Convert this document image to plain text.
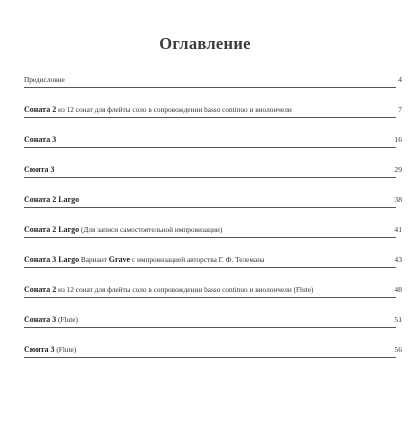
Оглавление
Предисловие	4
Соната 2 из 12 сонат для флейты соло в сопровождении basso continuo и виолончели	7
Соната 3	16
Сюита 3	29
Соната 2 Largo	38
Соната 2 Largo (Для записи самостоятельной импровизации)	41
Соната 3 Largo Вариант Grave с импровизацией авторства Г. Ф. Телемана	43
Соната 2 из 12 сонат для флейты соло в сопровождении basso continuo и виолончели (Flute)	48
Соната 3 (Flute)	51
Сюита 3 (Flute)	56
